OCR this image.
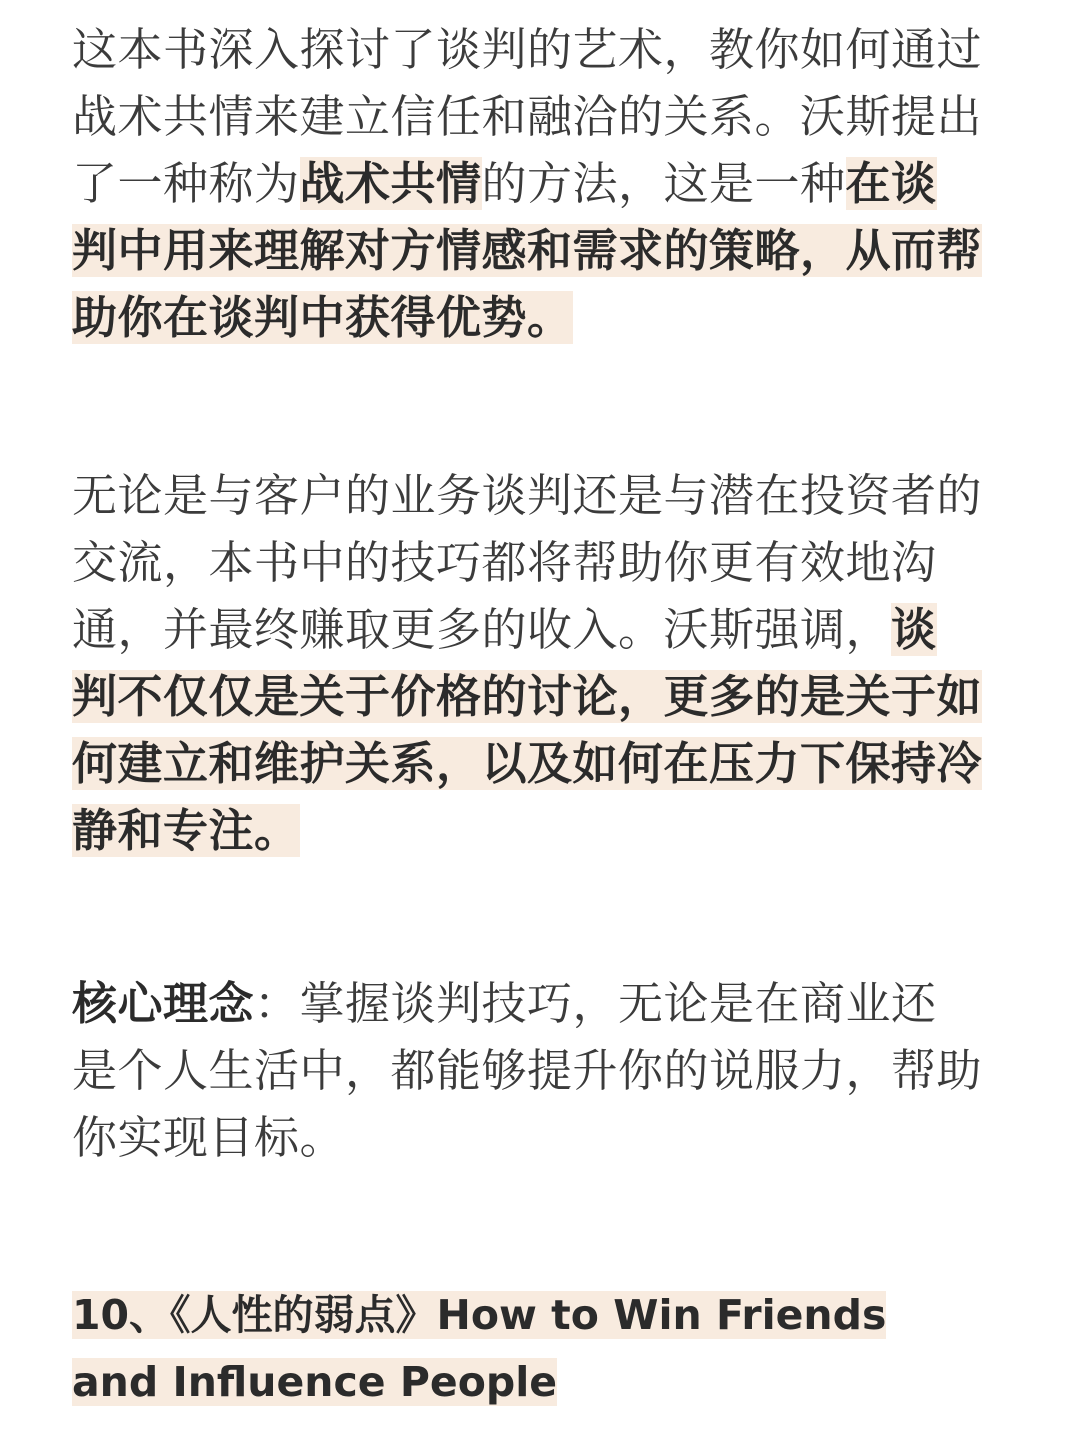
这本书深入探讨了谈判的艺术，教你如何通过战术共情来建立信任和融洽的关系。沃斯提出了一种称为战术共情的方法，这是一种在谈判中用来理解对方情感和需求的策略，从而帮助你在谈判中获得优势。

无论是与客户的业务谈判还是与潜在投资者的交流，本书中的技巧都将帮助你更有效地沟通，并最终赚取更多的收入。沃斯强调，谈判不仅仅是关于价格的讨论，更多的是关于如何建立和维护关系，以及如何在压力下保持冷静和专注。

核心理念：掌握谈判技巧，无论是在商业还是个人生活中，都能够提升你的说服力，帮助你实现目标。

10、《人性的弱点》How to Win Friends and Influence People
